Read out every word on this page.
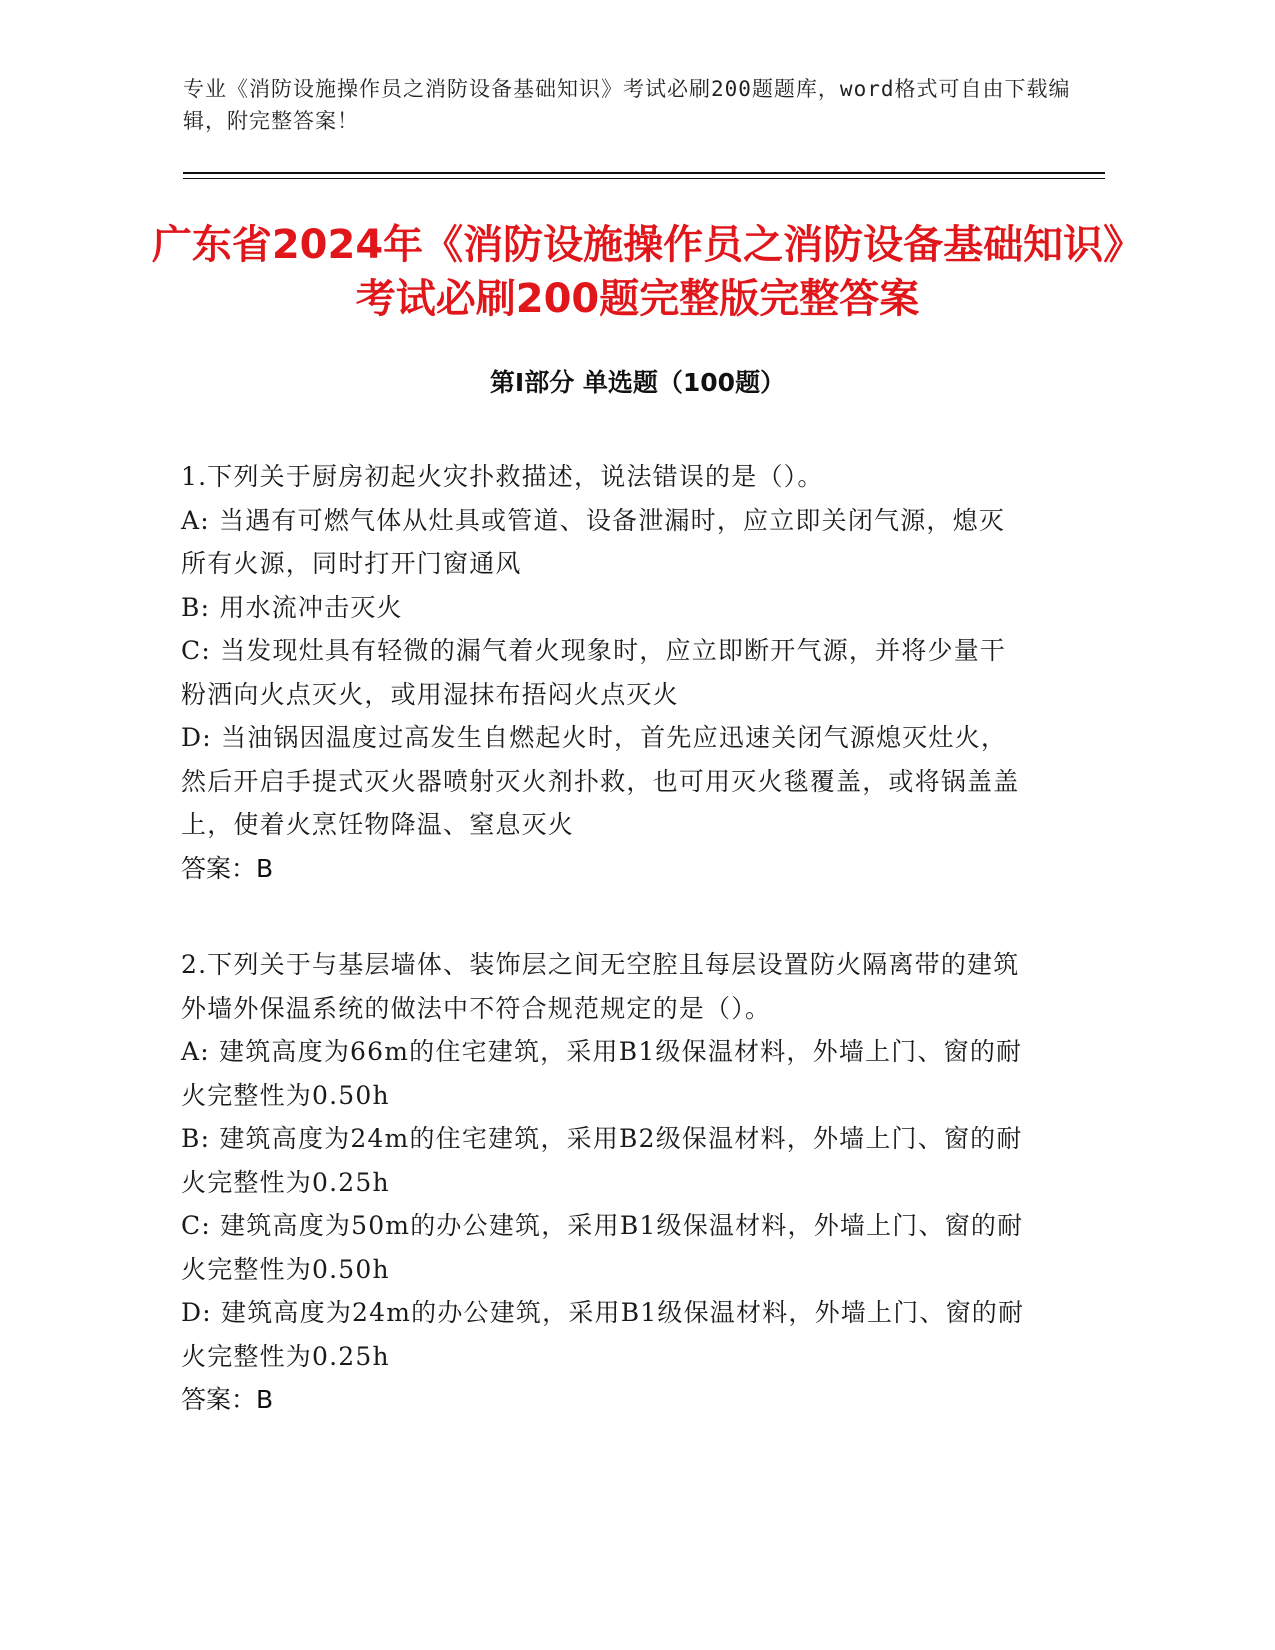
专业《消防设施操作员之消防设备基础知识》考试必刷200题题库，word格式可自由下载编辑，附完整答案！
广东省2024年《消防设施操作员之消防设备基础知识》考试必刷200题完整版完整答案
第I部分 单选题（100题）
1.下列关于厨房初起火灾扑救描述，说法错误的是（）。
A: 当遇有可燃气体从灶具或管道、设备泄漏时，应立即关闭气源，熄灭所有火源，同时打开门窗通风
B: 用水流冲击灭火
C: 当发现灶具有轻微的漏气着火现象时，应立即断开气源，并将少量干粉洒向火点灭火，或用湿抹布捂闷火点灭火
D: 当油锅因温度过高发生自燃起火时，首先应迅速关闭气源熄灭灶火，然后开启手提式灭火器喷射灭火剂扑救，也可用灭火毯覆盖，或将锅盖盖上，使着火烹饪物降温、窒息灭火
答案：B
2.下列关于与基层墙体、装饰层之间无空腔且每层设置防火隔离带的建筑外墙外保温系统的做法中不符合规范规定的是（）。
A: 建筑高度为66m的住宅建筑，采用B1级保温材料，外墙上门、窗的耐火完整性为0.50h
B: 建筑高度为24m的住宅建筑，采用B2级保温材料，外墙上门、窗的耐火完整性为0.25h
C: 建筑高度为50m的办公建筑，采用B1级保温材料，外墙上门、窗的耐火完整性为0.50h
D: 建筑高度为24m的办公建筑，采用B1级保温材料，外墙上门、窗的耐火完整性为0.25h
答案：B
